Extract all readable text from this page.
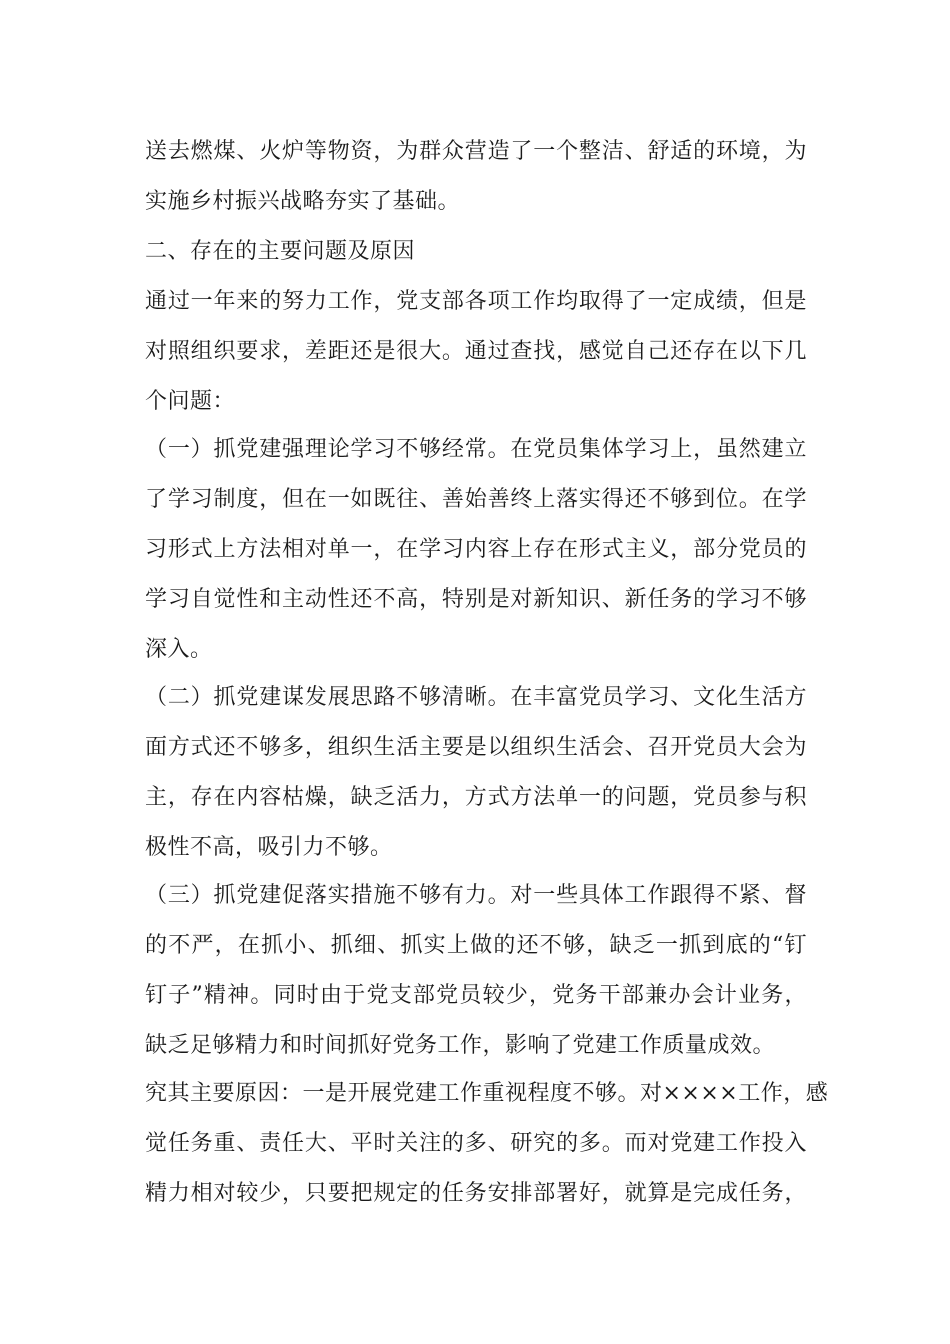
送去燃煤、火炉等物资，为群众营造了一个整洁、舒适的环境，为
实施乡村振兴战略夯实了基础。
二、存在的主要问题及原因
通过一年来的努力工作，党支部各项工作均取得了一定成绩，但是
对照组织要求，差距还是很大。通过查找，感觉自己还存在以下几
个问题：
（一）抓党建强理论学习不够经常。在党员集体学习上，虽然建立
了学习制度，但在一如既往、善始善终上落实得还不够到位。在学
习形式上方法相对单一，在学习内容上存在形式主义，部分党员的
学习自觉性和主动性还不高，特别是对新知识、新任务的学习不够
深入。
（二）抓党建谋发展思路不够清晰。在丰富党员学习、文化生活方
面方式还不够多，组织生活主要是以组织生活会、召开党员大会为
主，存在内容枯燥，缺乏活力，方式方法单一的问题，党员参与积
极性不高，吸引力不够。
（三）抓党建促落实措施不够有力。对一些具体工作跟得不紧、督
的不严，在抓小、抓细、抓实上做的还不够，缺乏一抓到底的“钉
钉子”精神。同时由于党支部党员较少，党务干部兼办会计业务，
缺乏足够精力和时间抓好党务工作，影响了党建工作质量成效。
究其主要原因：一是开展党建工作重视程度不够。对××××工作，感
觉任务重、责任大、平时关注的多、研究的多。而对党建工作投入
精力相对较少，只要把规定的任务安排部署好，就算是完成任务，
